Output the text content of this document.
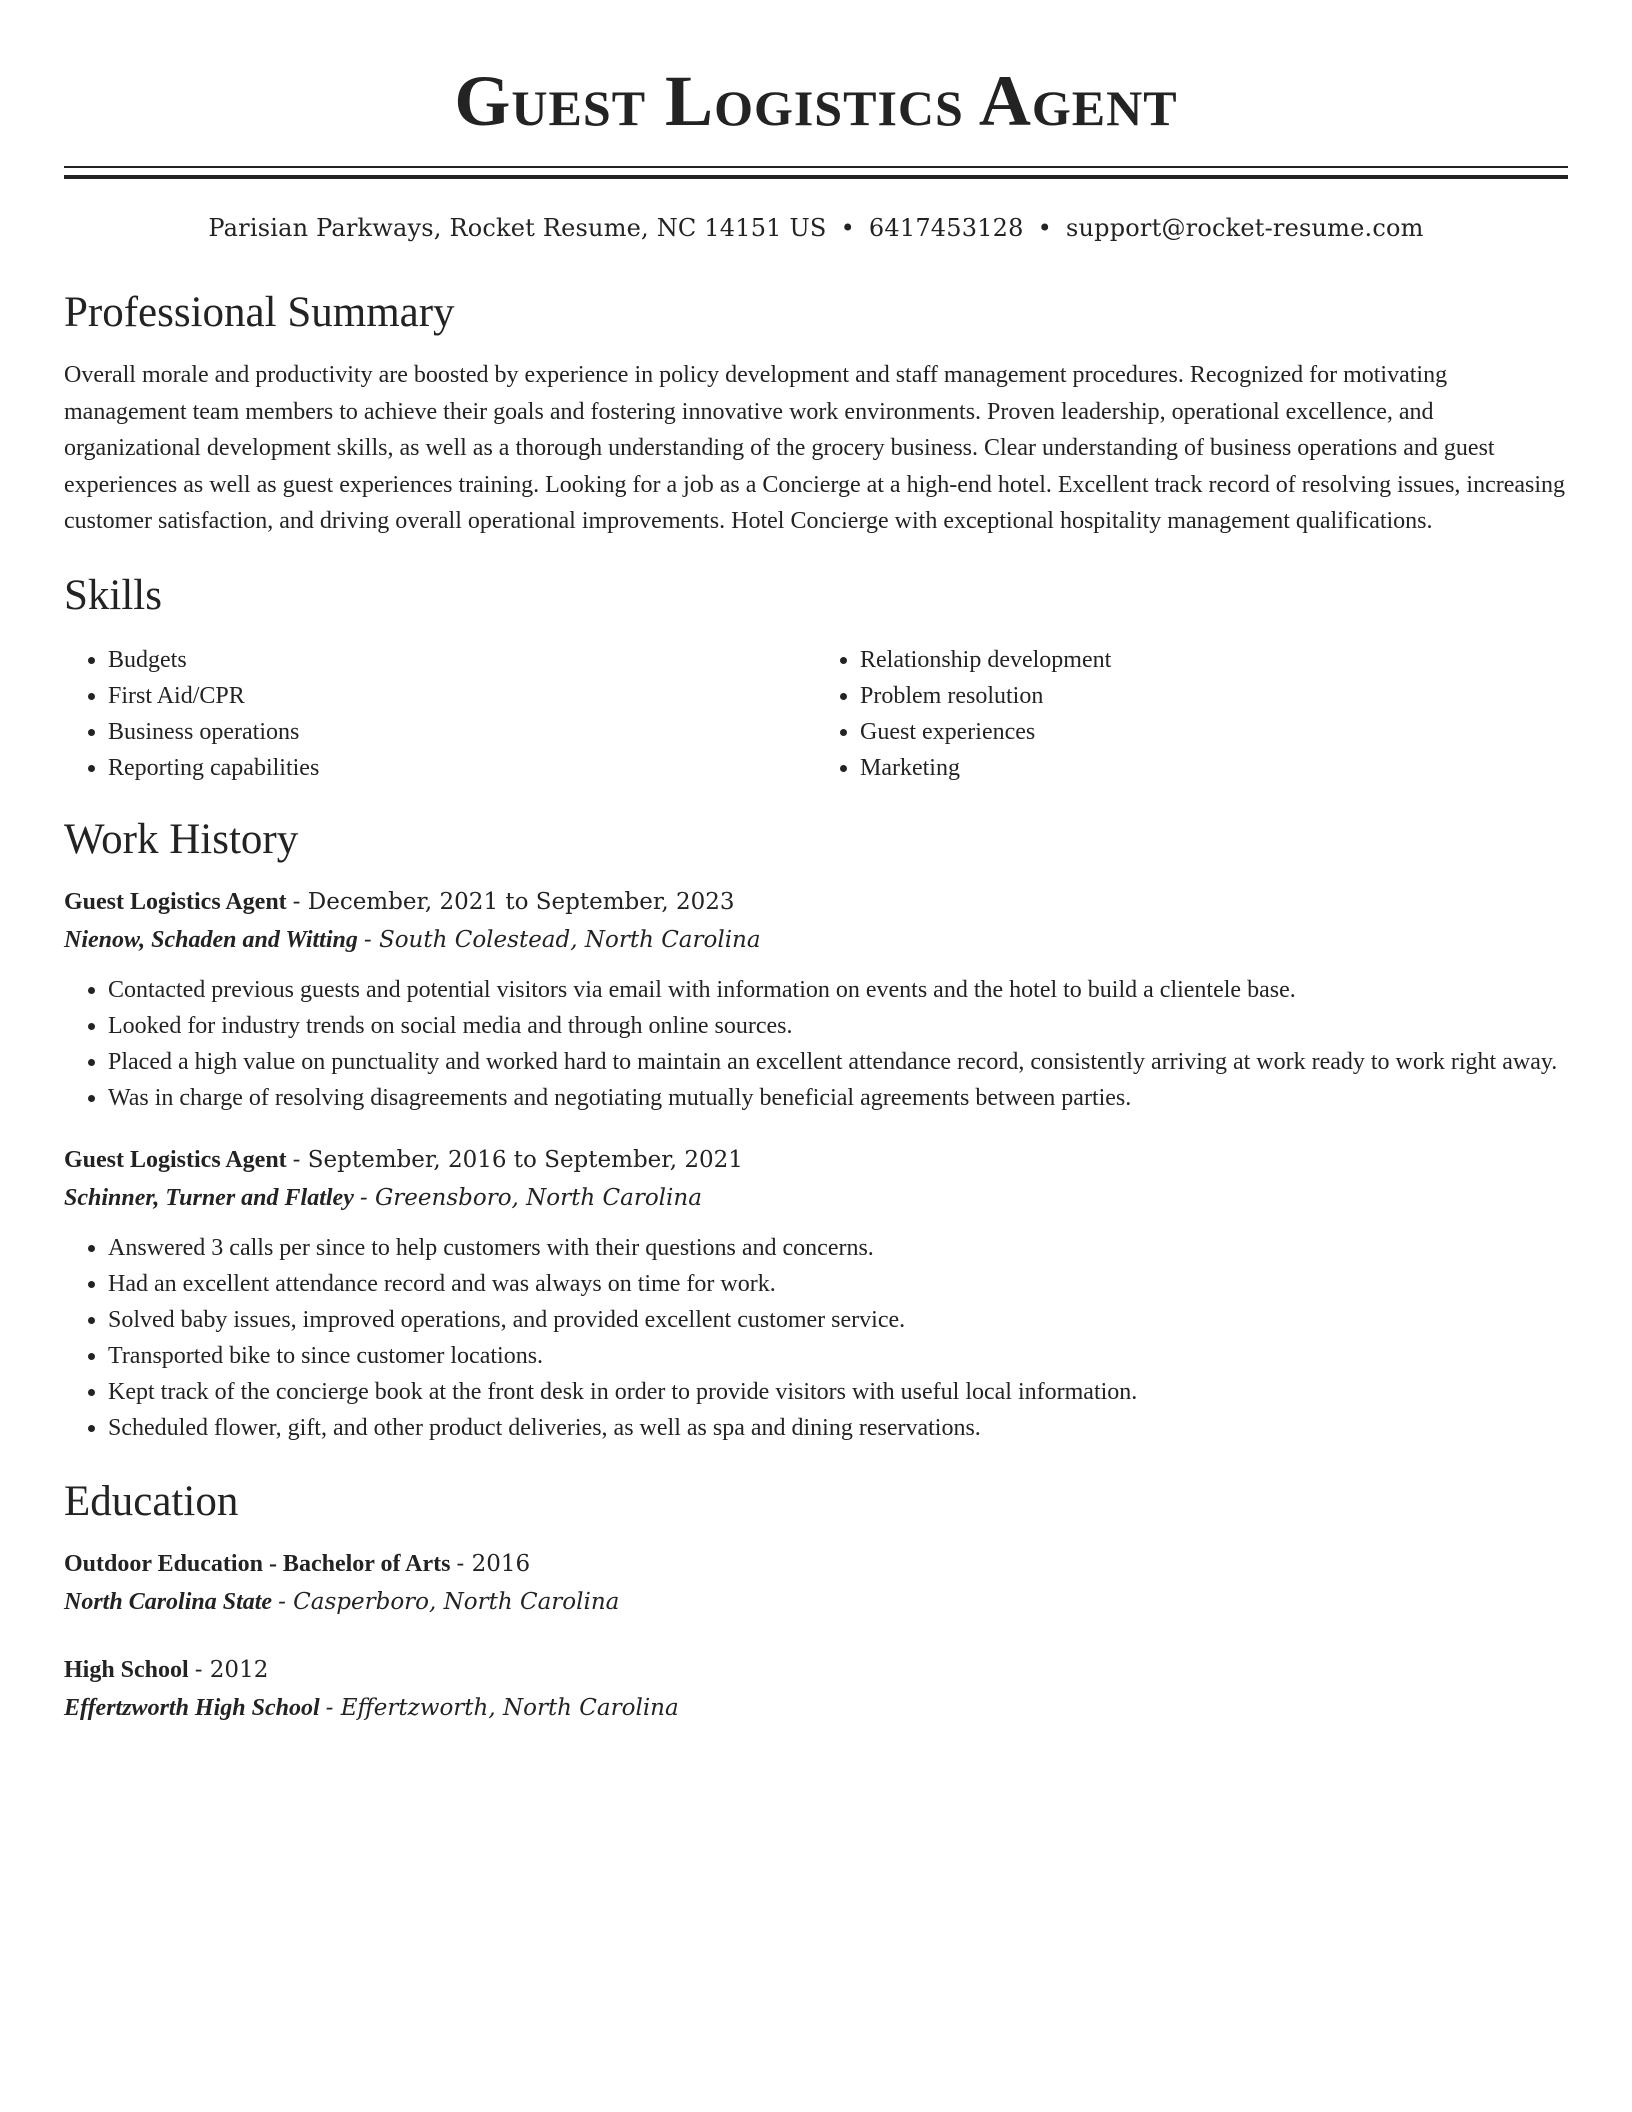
Guest Logistics Agent
Parisian Parkways, Rocket Resume, NC 14151 US • 6417453128 • support@rocket-resume.com
Professional Summary

Overall morale and productivity are boosted by experience in policy development and staff management procedures. Recognized for motivating management team members to achieve their goals and fostering innovative work environments. Proven leadership, operational excellence, and organizational development skills, as well as a thorough understanding of the grocery business. Clear understanding of business operations and guest experiences as well as guest experiences training. Looking for a job as a Concierge at a high-end hotel. Excellent track record of resolving issues, increasing customer satisfaction, and driving overall operational improvements. Hotel Concierge with exceptional hospitality management qualifications.

Skills
• Budgets
• First Aid/CPR
• Business operations
• Reporting capabilities
• Relationship development
• Problem resolution
• Guest experiences
• Marketing
Work History
Guest Logistics Agent - December, 2021 to September, 2023
Nienow, Schaden and Witting - South Colestead, North Carolina
• Contacted previous guests and potential visitors via email with information on events and the hotel to build a clientele base.
• Looked for industry trends on social media and through online sources.
• Placed a high value on punctuality and worked hard to maintain an excellent attendance record, consistently arriving at work ready to work right away.
• Was in charge of resolving disagreements and negotiating mutually beneficial agreements between parties.
Guest Logistics Agent - September, 2016 to September, 2021
Schinner, Turner and Flatley - Greensboro, North Carolina
• Answered 3 calls per since to help customers with their questions and concerns.
• Had an excellent attendance record and was always on time for work.
• Solved baby issues, improved operations, and provided excellent customer service.
• Transported bike to since customer locations.
• Kept track of the concierge book at the front desk in order to provide visitors with useful local information.
• Scheduled flower, gift, and other product deliveries, as well as spa and dining reservations.
Education
Outdoor Education - Bachelor of Arts - 2016
North Carolina State - Casperboro, North Carolina
High School - 2012
Effertzworth High School - Effertzworth, North Carolina
